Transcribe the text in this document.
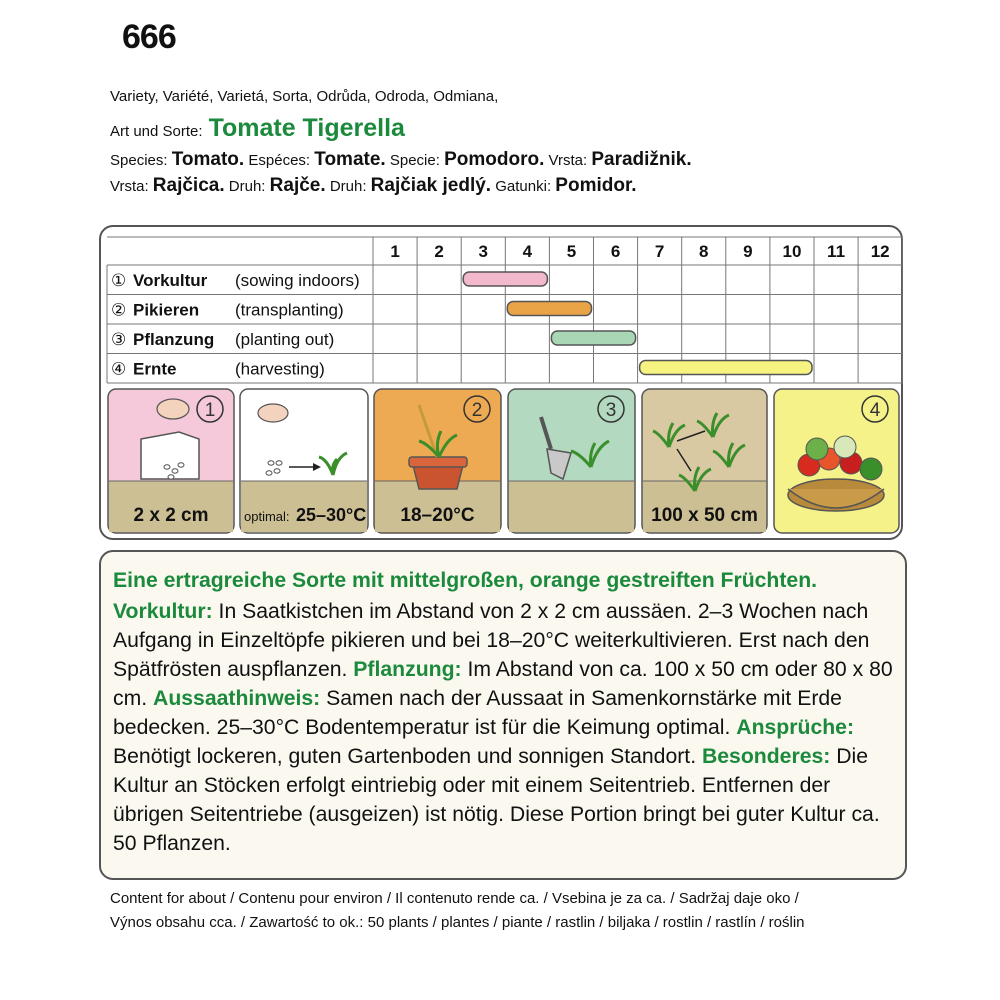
666
Variety, Variété, Varietá, Sorta, Odrůda, Odroda, Odmiana,
Art und Sorte: Tomate Tigerella
Species: Tomato. Espéces: Tomate. Specie: Pomodoro. Vrsta: Paradižnik.
Vrsta: Rajčica. Druh: Rajče. Druh: Rajčiak jedlý. Gatunki: Pomidor.
1 2 3 4 5 6 7 8 9 10 11 12
① Vorkultur (sowing indoors)
② Pikieren (transplanting)
③ Pflanzung (planting out)
④ Ernte	(harvesting)
1
2 x 2 cm	optimal: 25–30°C
2
18–20°C
3
100 x 50 cm
4
Eine ertragreiche Sorte mit mittelgroßen, orange gestreiften Früchten.
Vorkultur: In Saatkistchen im Abstand von 2 x 2 cm aussäen. 2–3 Wochen nach Aufgang in Einzeltöpfe pikieren und bei 18–20°C weiterkultivieren. Erst nach den Spätfrösten auspflanzen. Pflanzung: Im Abstand von ca. 100 x 50 cm oder 80 x 80 cm. Aussaathinweis: Samen nach der Aussaat in Samenkornstärke mit Erde bedecken. 25–30°C Bodentemperatur ist für die Keimung optimal. Ansprüche: Benötigt lockeren, guten Gartenboden und sonnigen Standort. Besonderes: Die Kultur an Stöcken erfolgt eintriebig oder mit einem Seitentrieb. Entfernen der übrigen Seitentriebe (ausgeizen) ist nötig. Diese Portion bringt bei guter Kultur ca. 50 Pflanzen.
Content for about / Contenu pour environ / Il contenuto rende ca. / Vsebina je za ca. / Sadržaj daje oko /
Výnos obsahu cca. / Zawartość to ok.: 50 plants / plantes / piante / rastlin / biljaka / rostlin / rastlín / roślin
